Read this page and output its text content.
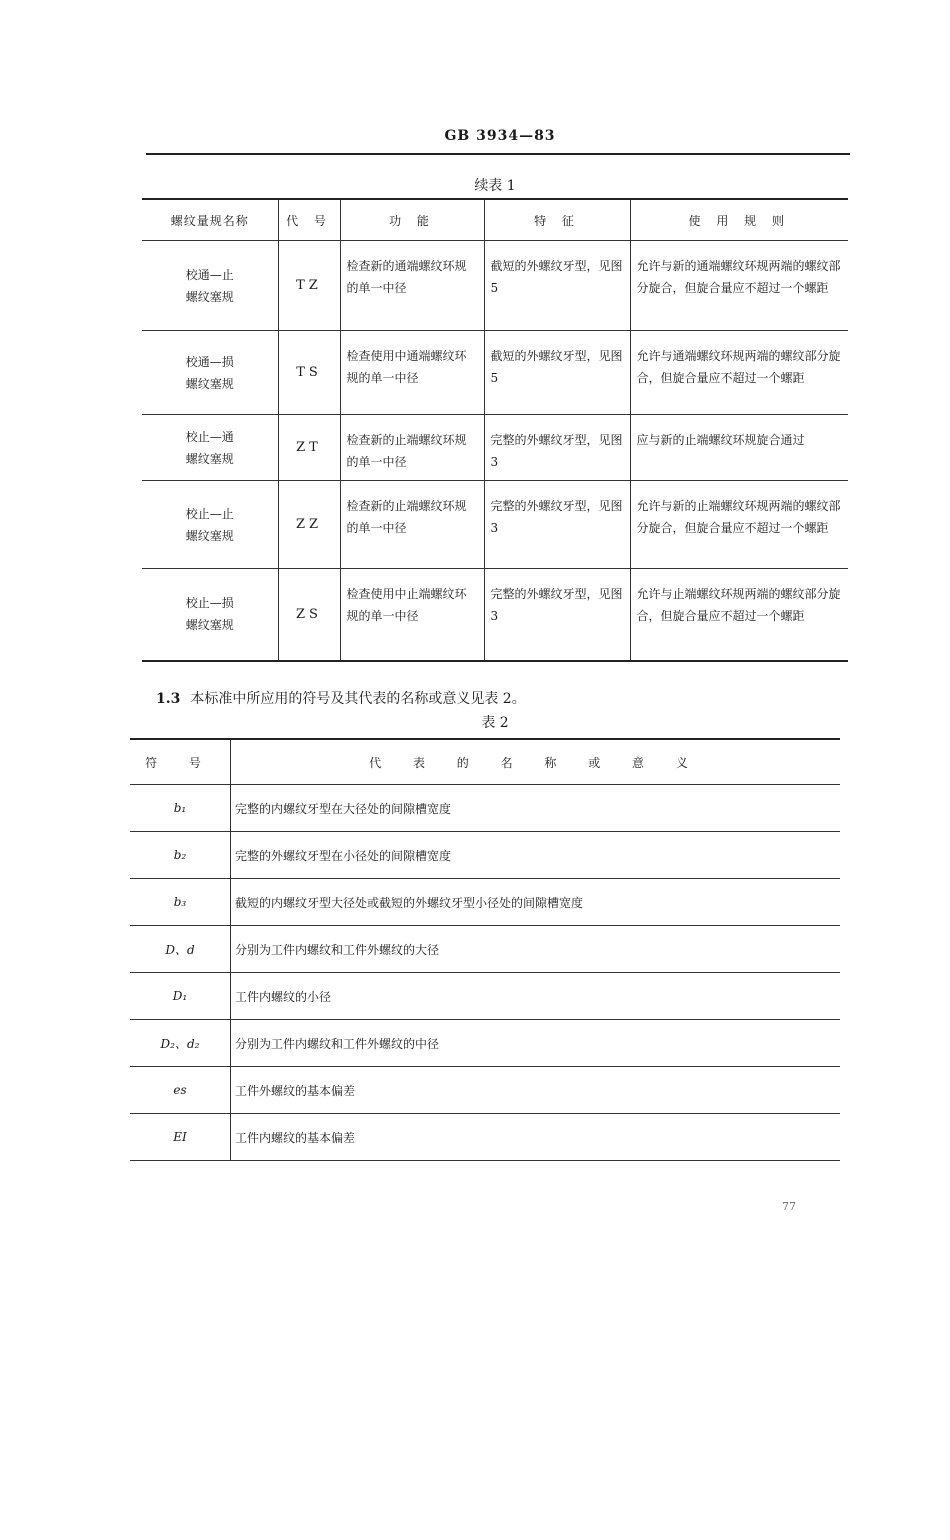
GB 3934—83
续表 1
螺纹量规名称	代 号	功 能	特 征	使 用 规 则
校通—止
螺纹塞规	TZ	检查新的通端螺纹环规的单一中径	截短的外螺纹牙型，见图 5	允许与新的通端螺纹环规两端的螺纹部分旋合，但旋合量应不超过一个螺距
校通—损
螺纹塞规	TS	检查使用中通端螺纹环规的单一中径	截短的外螺纹牙型，见图 5	允许与通端螺纹环规两端的螺纹部分旋合，但旋合量应不超过一个螺距
校止—通
螺纹塞规	ZT	检查新的止端螺纹环规的单一中径	完整的外螺纹牙型，见图 3	应与新的止端螺纹环规旋合通过
校止—止
螺纹塞规	ZZ	检查新的止端螺纹环规的单一中径	完整的外螺纹牙型，见图 3	允许与新的止端螺纹环规两端的螺纹部分旋合，但旋合量应不超过一个螺距
校止—损
螺纹塞规	ZS	检查使用中止端螺纹环规的单一中径	完整的外螺纹牙型，见图 3	允许与止端螺纹环规两端的螺纹部分旋合，但旋合量应不超过一个螺距
1.3 本标准中所应用的符号及其代表的名称或意义见表 2。
表 2
符 号	代 表 的 名 称 或 意 义
b₁	完整的内螺纹牙型在大径处的间隙槽宽度
b₂	完整的外螺纹牙型在小径处的间隙槽宽度
b₃	截短的内螺纹牙型大径处或截短的外螺纹牙型小径处的间隙槽宽度
D、d	分别为工件内螺纹和工件外螺纹的大径
D₁	工件内螺纹的小径
D₂、d₂	分别为工件内螺纹和工件外螺纹的中径
es	工件外螺纹的基本偏差
EI	工件内螺纹的基本偏差
77
